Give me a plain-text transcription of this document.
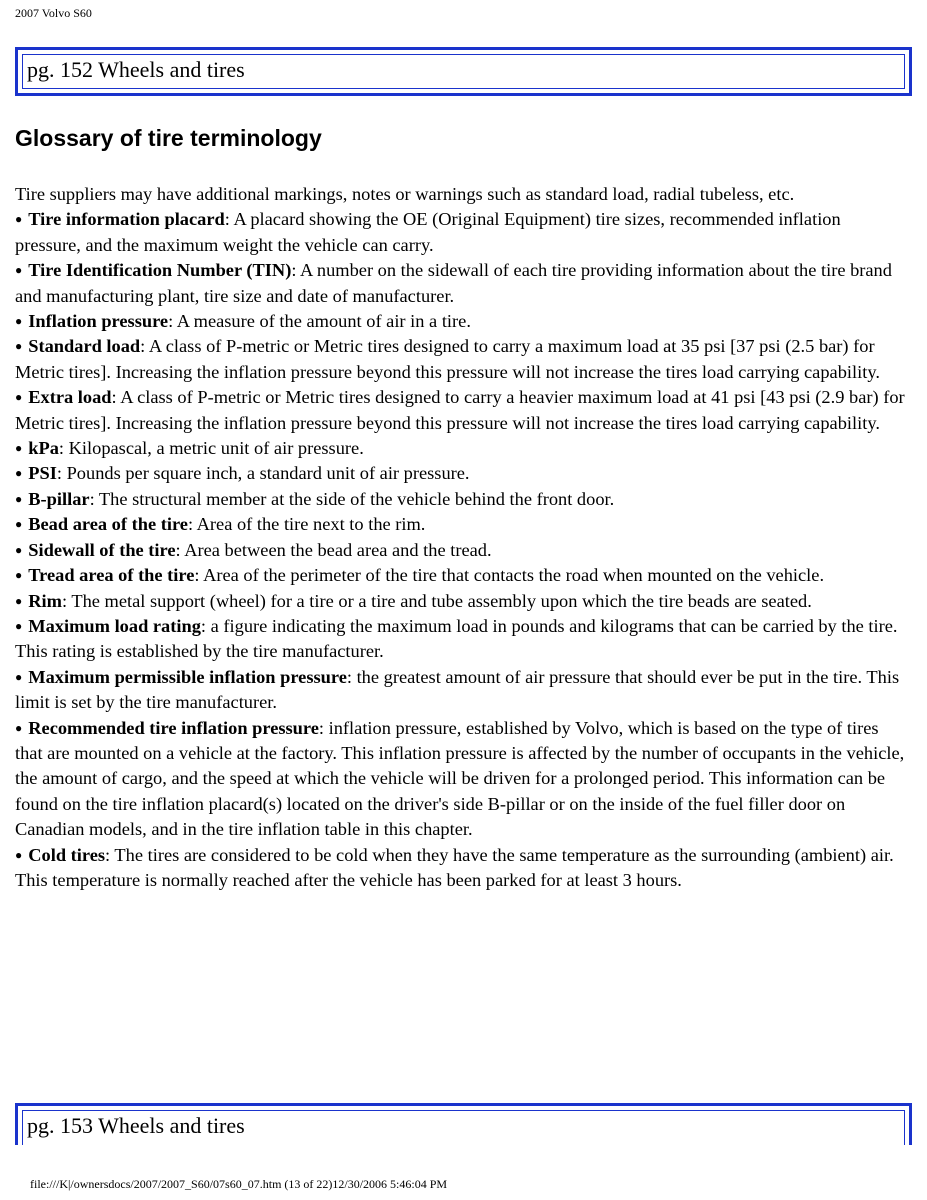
2007 Volvo S60
pg. 152 Wheels and tires
Glossary of tire terminology

Tire suppliers may have additional markings, notes or warnings such as standard load, radial tubeless, etc.

● Tire information placard: A placard showing the OE (Original Equipment) tire sizes, recommended inflation pressure, and the maximum weight the vehicle can carry.
● Tire Identification Number (TIN): A number on the sidewall of each tire providing information about the tire brand and manufacturing plant, tire size and date of manufacturer.
● Inflation pressure: A measure of the amount of air in a tire.
● Standard load: A class of P-metric or Metric tires designed to carry a maximum load at 35 psi [37 psi (2.5 bar) for Metric tires]. Increasing the inflation pressure beyond this pressure will not increase the tires load carrying capability.
● Extra load: A class of P-metric or Metric tires designed to carry a heavier maximum load at 41 psi [43 psi (2.9 bar) for Metric tires]. Increasing the inflation pressure beyond this pressure will not increase the tires load carrying capability.
● kPa: Kilopascal, a metric unit of air pressure.
● PSI: Pounds per square inch, a standard unit of air pressure.
● B-pillar: The structural member at the side of the vehicle behind the front door.
● Bead area of the tire: Area of the tire next to the rim.
● Sidewall of the tire: Area between the bead area and the tread.
● Tread area of the tire: Area of the perimeter of the tire that contacts the road when mounted on the vehicle.
● Rim: The metal support (wheel) for a tire or a tire and tube assembly upon which the tire beads are seated.
● Maximum load rating: a figure indicating the maximum load in pounds and kilograms that can be carried by the tire. This rating is established by the tire manufacturer.
● Maximum permissible inflation pressure: the greatest amount of air pressure that should ever be put in the tire. This limit is set by the tire manufacturer.
● Recommended tire inflation pressure: inflation pressure, established by Volvo, which is based on the type of tires that are mounted on a vehicle at the factory. This inflation pressure is affected by the number of occupants in the vehicle, the amount of cargo, and the speed at which the vehicle will be driven for a prolonged period. This information can be found on the tire inflation placard(s) located on the driver's side B-pillar or on the inside of the fuel filler door on Canadian models, and in the tire inflation table in this chapter.
● Cold tires: The tires are considered to be cold when they have the same temperature as the surrounding (ambient) air. This temperature is normally reached after the vehicle has been parked for at least 3 hours.
pg. 153 Wheels and tires
file:///K|/ownersdocs/2007/2007_S60/07s60_07.htm (13 of 22)12/30/2006 5:46:04 PM
